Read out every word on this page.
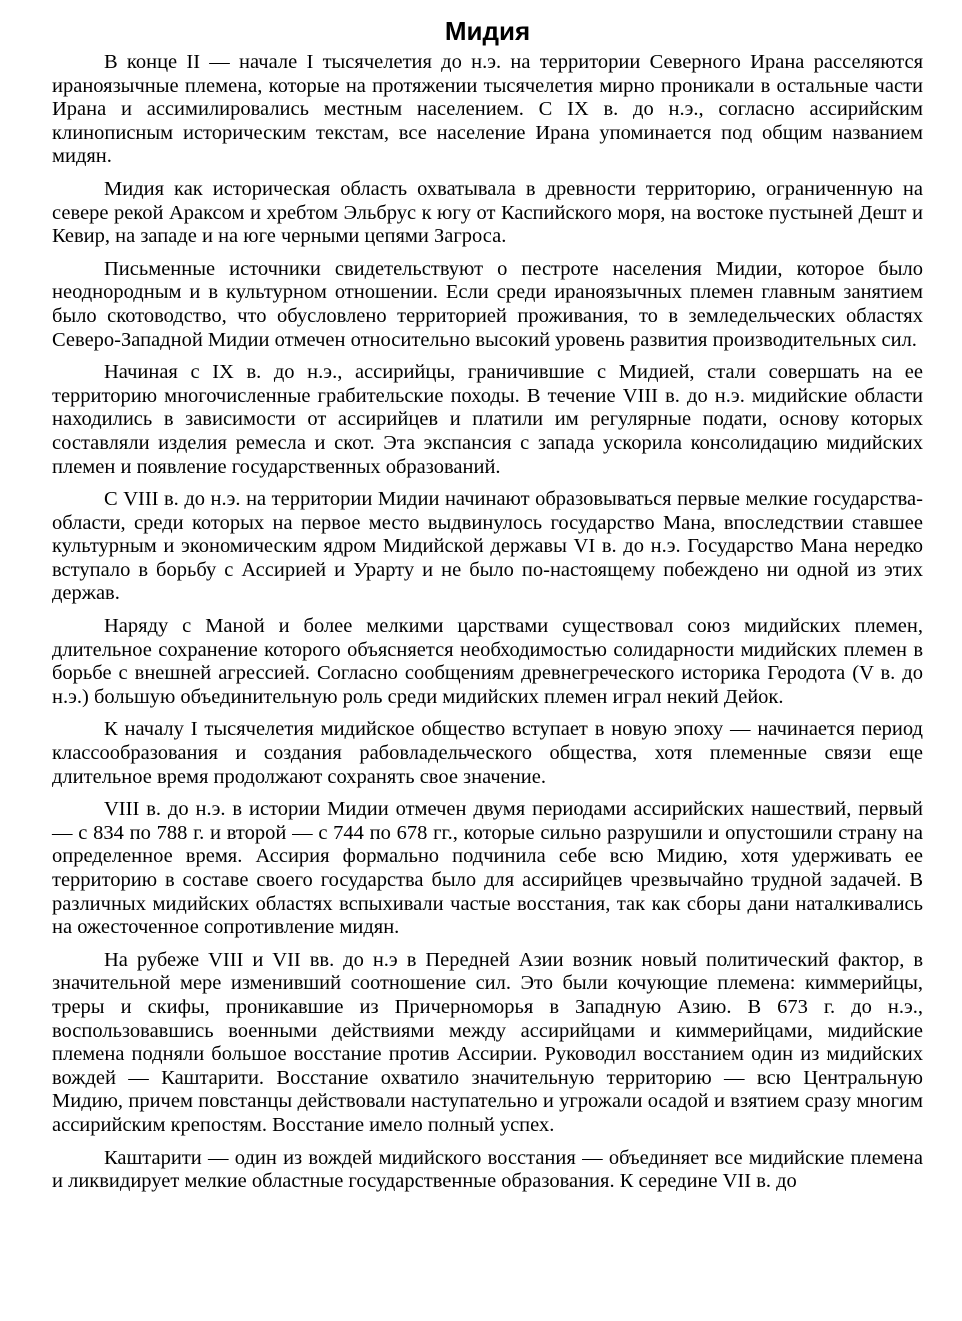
Мидия

В конце II — начале I тысячелетия до н.э. на территории Северного Ирана расселяются ираноязычные племена, которые на протяжении тысячелетия мирно проникали в остальные части Ирана и ассимилировались местным населением. С IX в. до н.э., согласно ассирийским клинописным историческим текстам, все население Ирана упоминается под общим названием мидян.

Мидия как историческая область охватывала в древности территорию, ограниченную на севере рекой Араксом и хребтом Эльбрус к югу от Каспийского моря, на востоке пустыней Дешт и Кевир, на западе и на юге черными цепями Загроса.

Письменные источники свидетельствуют о пестроте населения Мидии, которое было неоднородным и в культурном отношении. Если среди ираноязычных племен главным занятием было скотоводство, что обусловлено территорией проживания, то в земледельческих областях Северо-Западной Мидии отмечен относительно высокий уровень развития производительных сил.

Начиная с IX в. до н.э., ассирийцы, граничившие с Мидией, стали совершать на ее территорию многочисленные грабительские походы. В течение VIII в. до н.э. мидийские области находились в зависимости от ассирийцев и платили им регулярные подати, основу которых составляли изделия ремесла и скот. Эта экспансия с запада ускорила консолидацию мидийских племен и появление государственных образований.

С VIII в. до н.э. на территории Мидии начинают образовываться первые мелкие государства-области, среди которых на первое место выдвинулось государство Мана, впоследствии ставшее культурным и экономическим ядром Мидийской державы VI в. до н.э. Государство Мана нередко вступало в борьбу с Ассирией и Урарту и не было по-настоящему побеждено ни одной из этих держав.

Наряду с Маной и более мелкими царствами существовал союз мидийских племен, длительное сохранение которого объясняется необходимостью солидарности мидийских племен в борьбе с внешней агрессией. Согласно сообщениям древнегреческого историка Геродота (V в. до н.э.) большую объединительную роль среди мидийских племен играл некий Дейок.

К началу I тысячелетия мидийское общество вступает в новую эпоху — начинается период классообразования и создания рабовладельческого общества, хотя племенные связи еще длительное время продолжают сохранять свое значение.

VIII в. до н.э. в истории Мидии отмечен двумя периодами ассирийских нашествий, первый — с 834 по 788 г. и второй — с 744 по 678 гг., которые сильно разрушили и опустошили страну на определенное время. Ассирия формально подчинила себе всю Мидию, хотя удерживать ее территорию в составе своего государства было для ассирийцев чрезвычайно трудной задачей. В различных мидийских областях вспыхивали частые восстания, так как сборы дани наталкивались на ожесточенное сопротивление мидян.

На рубеже VIII и VII вв. до н.э в Передней Азии возник новый политический фактор, в значительной мере изменивший соотношение сил. Это были кочующие племена: киммерийцы, треры и скифы, проникавшие из Причерноморья в Западную Азию. В 673 г. до н.э., воспользовавшись военными действиями между ассирийцами и киммерийцами, мидийские племена подняли большое восстание против Ассирии. Руководил восстанием один из мидийских вождей — Каштарити. Восстание охватило значительную территорию — всю Центральную Мидию, причем повстанцы действовали наступательно и угрожали осадой и взятием сразу многим ассирийским крепостям. Восстание имело полный успех.

Каштарити — один из вождей мидийского восстания — объединяет все мидийские племена и ликвидирует мелкие областные государственные образования. К середине VII в. до
